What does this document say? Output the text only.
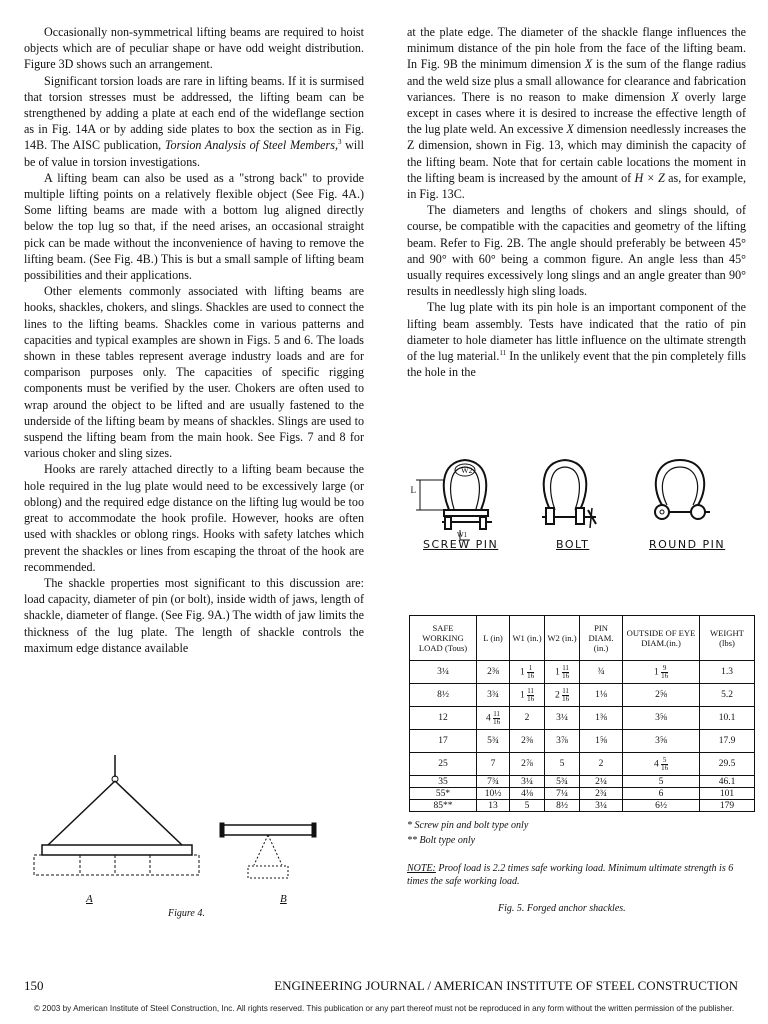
Occasionally non-symmetrical lifting beams are required to hoist objects which are of peculiar shape or have odd weight distribution. Figure 3D shows such an arrangement.

Significant torsion loads are rare in lifting beams. If it is surmised that torsion stresses must be addressed, the lifting beam can be strengthened by adding a plate at each end of the wideflange section as in Fig. 14A or by adding side plates to box the section as in Fig. 14B. The AISC publication, Torsion Analysis of Steel Members,$^3$ will be of value in torsion investigations.

A lifting beam can also be used as a "strong back" to provide multiple lifting points on a relatively flexible object (See Fig. 4A.) Some lifting beams are made with a bottom lug aligned directly below the top lug so that, if the need arises, an occasional straight pick can be made without the inconvenience of having to remove the lifting beam. (See Fig. 4B.) This is but a small sample of lifting beam possibilities and their applications.

Other elements commonly associated with lifting beams are hooks, shackles, chokers, and slings. Shackles are used to connect the lines to the lifting beams. Shackles come in various patterns and capacities and typical examples are shown in Figs. 5 and 6. The loads shown in these tables represent average industry loads and are for comparison purposes only. The capacities of specific rigging components must be verified by the user. Chokers are often used to wrap around the object to be lifted and are usually fastened to the underside of the lifting beam by means of shackles. Slings are used to suspend the lifting beam from the main hook. See Figs. 7 and 8 for various choker and sling sizes.

Hooks are rarely attached directly to a lifting beam because the hole required in the lug plate would need to be excessively large (or oblong) and the required edge distance on the lifting lug would be too great to accommodate the hook profile. However, hooks are often used with shackles or oblong rings. Hooks with safety latches which prevent the shackles or lines from escaping the throat of the hook are recommended.

The shackle properties most significant to this discussion are: load capacity, diameter of pin (or bolt), inside width of jaws, length of shackle, diameter of flange. (See Fig. 9A.) The width of jaw limits the thickness of the lug plate. The length of shackle controls the maximum edge distance available

at the plate edge. The diameter of the shackle flange influences the minimum distance of the pin hole from the face of the lifting beam. In Fig. 9B the minimum dimension X is the sum of the flange radius and the weld size plus a small allowance for clearance and fabrication variances. There is no reason to make dimension X overly large except in cases where it is desired to increase the effective length of the lug plate weld. An excessive X dimension needlessly increases the Z dimension, shown in Fig. 13, which may diminish the capacity of the lifting beam. Note that for certain cable locations the moment in the lifting beam is increased by the amount of H × Z as, for example, in Fig. 13C.

The diameters and lengths of chokers and slings should, of course, be compatible with the capacities and geometry of the lifting beam. Refer to Fig. 2B. The angle should preferably be between 45° and 90° with 60° being a common figure. An angle less than 45° usually requires excessively long slings and an angle greater than 90° results in needlessly high sling loads.

The lug plate with its pin hole is an important component of the lifting beam assembly. Tests have indicated that the ratio of pin diameter to hole diameter has little influence on the ultimate strength of the lug material.$^{11}$ In the unlikely event that the pin completely fills the hole in the

L
W2
W1
SCREW PIN	BOLT	ROUND PIN
SAFE WORKING LOAD (Tous)	L (in)	W1 (in.)	W2 (in.)	PIN DIAM. (in.)	OUTSIDE OF EYE DIAM.(in.)	WEIGHT (lbs)
3¼	2⅜	$1 \frac{1}{16}$	$1 \frac{11}{16}$	¾	$1 \frac{9}{16}$	1.3
8½	3¾	$1 \frac{11}{16}$	$2 \frac{11}{16}$	1⅛	2⅝	5.2
12	$4 \frac{11}{16}$	2	3¼	1⅜	3⅝	10.1
17	5¾	2⅜	3⅞	1⅝	3⅝	17.9
25	7	2⅞	5	2	$4 \frac{5}{16}$	29.5
35	7¾	3¼	5¾	2¼	5	46.1
55*	10½	4⅛	7¼	2¾	6	101
85**	13	5	8½	3¼	6½	179
* Screw pin and bolt type only
** Bolt type only
NOTE: Proof load is 2.2 times safe working load. Minimum ultimate strength is 6 times the safe working load.
Fig. 5. Forged anchor shackles.
A	B
Figure 4.
150	ENGINEERING JOURNAL / AMERICAN INSTITUTE OF STEEL CONSTRUCTION
© 2003 by American Institute of Steel Construction, Inc. All rights reserved. This publication or any part thereof must not be reproduced in any form without the written permission of the publisher.
